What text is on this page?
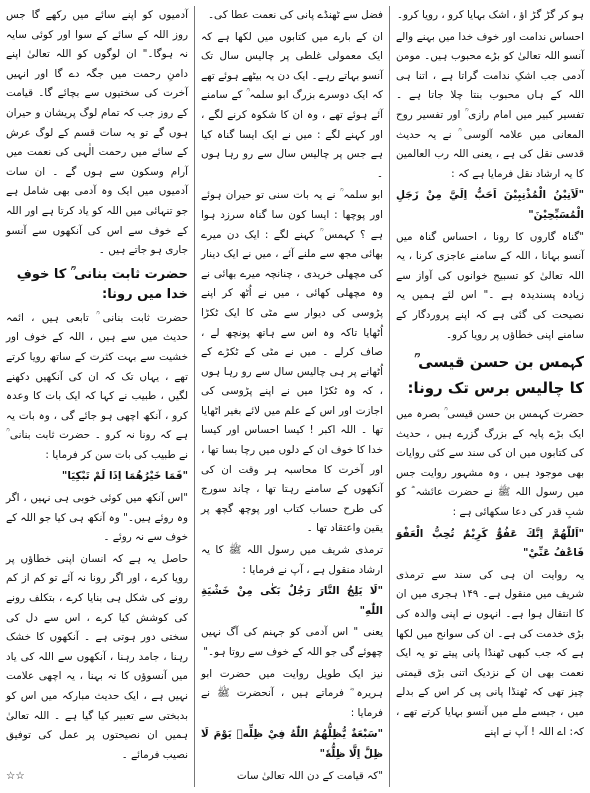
ہو کر گڑ گڑ اؤ ، اشک بہایا کرو ، رویا کرو۔

احساس ندامت اور خوف خدا میں بہنے والے آنسو اللہ تعالیٰ کو بڑے محبوب ہیں۔ مومن آدمی جب اشکِ ندامت گراتا ہے ، اتنا ہی اللہ کے ہاں محبوب بنتا چلا جاتا ہے ۔ تفسیر کبیر میں امام رازی ؒ اور تفسیر روح المعانی میں علامہ آلوسی ؒ نے یہ حدیث قدسی نقل کی ہے ، یعنی اللہ رب العالمین کا یہ ارشاد نقل فرمایا ہے کہ :

"لَاَنِيْنُ الْمُذْنِبِيْنَ اَحَبُّ اِلَيَّ مِنْ زَجَلِ الْمُسَبِّحِيْنَ"

"گناہ گاروں کا رونا ، احساس گناہ میں آنسو بہانا ، اللہ کے سامنے عاجزی کرنا ، یہ اللہ تعالیٰ کو تسبیح خوانوں کی آواز سے زیادہ پسندیدہ ہے ۔" اس لئے ہمیں یہ نصیحت کی گئی ہے کہ اپنے پروردگار کے سامنے اپنی خطاؤں پر رویا کرو۔

کہمس بن حسن قیسی ؒ کا چالیس برس تک رونا:

حضرت کہمس بن حسن قیسی ؒ بصرہ میں ایک بڑے پایہ کے بزرگ گزرے ہیں ، حدیث کی کتابوں میں ان کی سند سے کئی روایات بھی موجود ہیں ، وہ مشہور روایت جس میں رسول اللہ ﷺ نے حضرت عائشہ ؓ کو شبِ قدر کی دعا سکھائی ہے :

"اَللّٰهُمَّ اِنَّكَ عَفُوٌّ كَرِيْمٌ تُحِبُّ الْعَفْوَ فَاعْفُ عَنِّيْ"

یہ روایت ان ہی کی سند سے ترمذی شریف میں منقول ہے۔ ۱۴۹ ہجری میں ان کا انتقال ہوا ہے۔ انہوں نے اپنی والدہ کی بڑی خدمت کی ہے۔ ان کی سوانح میں لکھا ہے کہ جب کبھی ٹھنڈا پانی پیتے تو یہ ایک نعمت بھی ان کے نزدیک اتنی بڑی قیمتی چیز تھی کہ ٹھنڈا پانی پی کر اس کے بدلے میں ، جیسے ملے میں آنسو بہایا کرتے تھے ، کہ: اے اللہ ! آپ نے اپنے

فضل سے ٹھنڈے پانی کی نعمت عطا کی۔

ان کے بارے میں کتابوں میں لکھا ہے کہ ایک معمولی غلطی پر چالیس سال تک آنسو بہاتے رہے۔ ایک دن یہ بیٹھے ہوئے تھے کہ ایک دوسرے بزرگ ابو سلمہ ؒ کے سامنے آئے ہوئے تھے ، وہ ان کا شکوہ کرنے لگے ، اور کہنے لگے : میں نے ایک ایسا گناہ کیا ہے جس پر چالیس سال سے رو رہا ہوں ۔

ابو سلمہ ؒ نے یہ بات سنی تو حیران ہوئے اور پوچھا : ایسا کون سا گناہ سرزد ہوا ہے ؟ کہمس ؒ کہنے لگے : ایک دن میرے بھائی مجھ سے ملنے آئے ، میں نے ایک دینار کی مچھلی خریدی ، چنانچہ میرے بھائی نے وہ مچھلی کھائی ، میں نے اُٹھ کر اپنے پڑوسی کی دیوار سے مٹی کا ایک ٹکڑا اُٹھایا تاکہ وہ اس سے ہاتھ پونچھ لے ، صاف کرلے ۔ میں نے مٹی کے ٹکڑے کے اُٹھانے پر ہی چالیس سال سے رو رہا ہوں ، کہ وہ ٹکڑا میں نے اپنے پڑوسی کی اجازت اور اس کے علم میں لائے بغیر اٹھایا تھا ۔ اللہ اکبر ! کیسا احساس اور کیسا خدا کا خوف ان کے دلوں میں رچا بسا تھا ، اور آخرت کا محاسبہ ہر وقت ان کی آنکھوں کے سامنے رہتا تھا ، چاند سورج کی طرح حساب کتاب اور پوچھ گچھ پر یقین واعتقاد تھا ۔

ترمذی شریف میں رسول اللہ ﷺ کا یہ ارشاد منقول ہے ، آپ نے فرمایا :

"لَا يَلِجُ النَّارَ رَجُلٌ بَكٰى مِنْ خَشْيَةِ اللّٰهِ"

یعنی " اس آدمی کو جہنم کی آگ نہیں چھوئے گی جو اللہ کے خوف سے روتا ہو۔"

نیز ایک طویل روایت میں حضرت ابو ہریرہ ؓ فرماتے ہیں ، آنحضرت ﷺ نے فرمایا :

"سَبْعَةٌ يُّظِلُّهُمُ اللّٰهُ فِيْ ظِلِّهٖ يَوْمَ لَا ظِلَّ اِلَّا ظِلُّهٗ"

"کہ قیامت کے دن اللہ تعالیٰ سات

آدمیوں کو اپنے سائے میں رکھے گا جس روز اللہ کے سائے کے سوا اور کوئی سایہ نہ ہوگا۔" ان لوگوں کو اللہ تعالیٰ اپنے دامنِ رحمت میں جگہ دے گا اور انہیں آخرت کی سختیوں سے بچائے گا۔ قیامت کے روز جب کہ تمام لوگ پریشان و حیران ہوں گے تو یہ سات قسم کے لوگ عرش کے سائے میں رحمت الٰہی کی نعمت میں آرام وسکون سے ہوں گے ۔ ان سات آدمیوں میں ایک وہ آدمی بھی شامل ہے جو تنہائی میں اللہ کو یاد کرتا ہے اور اللہ کے خوف سے اس کی آنکھوں سے آنسو جاری ہو جاتے ہیں ۔

حضرت ثابت بنانی ؒ کا خوفِ خدا میں رونا:

حضرت ثابت بنانی ؒ تابعی ہیں ، ائمہ حدیث میں سے ہیں ، اللہ کے خوف اور خشیت سے بہت کثرت کے ساتھ رویا کرتے تھے ، یہاں تک کہ ان کی آنکھیں دکھنے لگیں ، طبیب نے کہا کہ ایک بات کا وعدہ کرو ، آنکھ اچھی ہو جائے گی ، وہ بات یہ ہے کہ رونا نہ کرو ۔ حضرت ثابت بنانی ؒ نے طبیب کی بات سن کر فرمایا :

"فَمَا خَيْرُهُمَا اِذَا لَمْ تَبْكِيَا"

"اس آنکھ میں کوئی خوبی ہی نہیں ، اگر وہ روئے ہیں۔" وہ آنکھ ہی کیا جو اللہ کے خوف سے نہ روئے ۔

حاصل یہ ہے کہ انسان اپنی خطاؤں پر رویا کرے ، اور اگر رونا نہ آئے تو کم از کم رونے کی شکل ہی بنایا کرے ، بتکلف رونے کی کوشش کیا کرے ، اس سے دل کی سختی دور ہوتی ہے ۔ آنکھوں کا خشک رہنا ، جامد رہنا ، آنکھوں سے اللہ کی یاد میں آنسوؤں کا نہ بہنا ، یہ اچھی علامت نہیں ہے ، ایک حدیث مبارکہ میں اس کو بدبختی سے تعبیر کیا گیا ہے ۔ اللہ تعالیٰ ہمیں ان نصیحتوں پر عمل کی توفیق نصیب فرمائے ۔

☆☆
